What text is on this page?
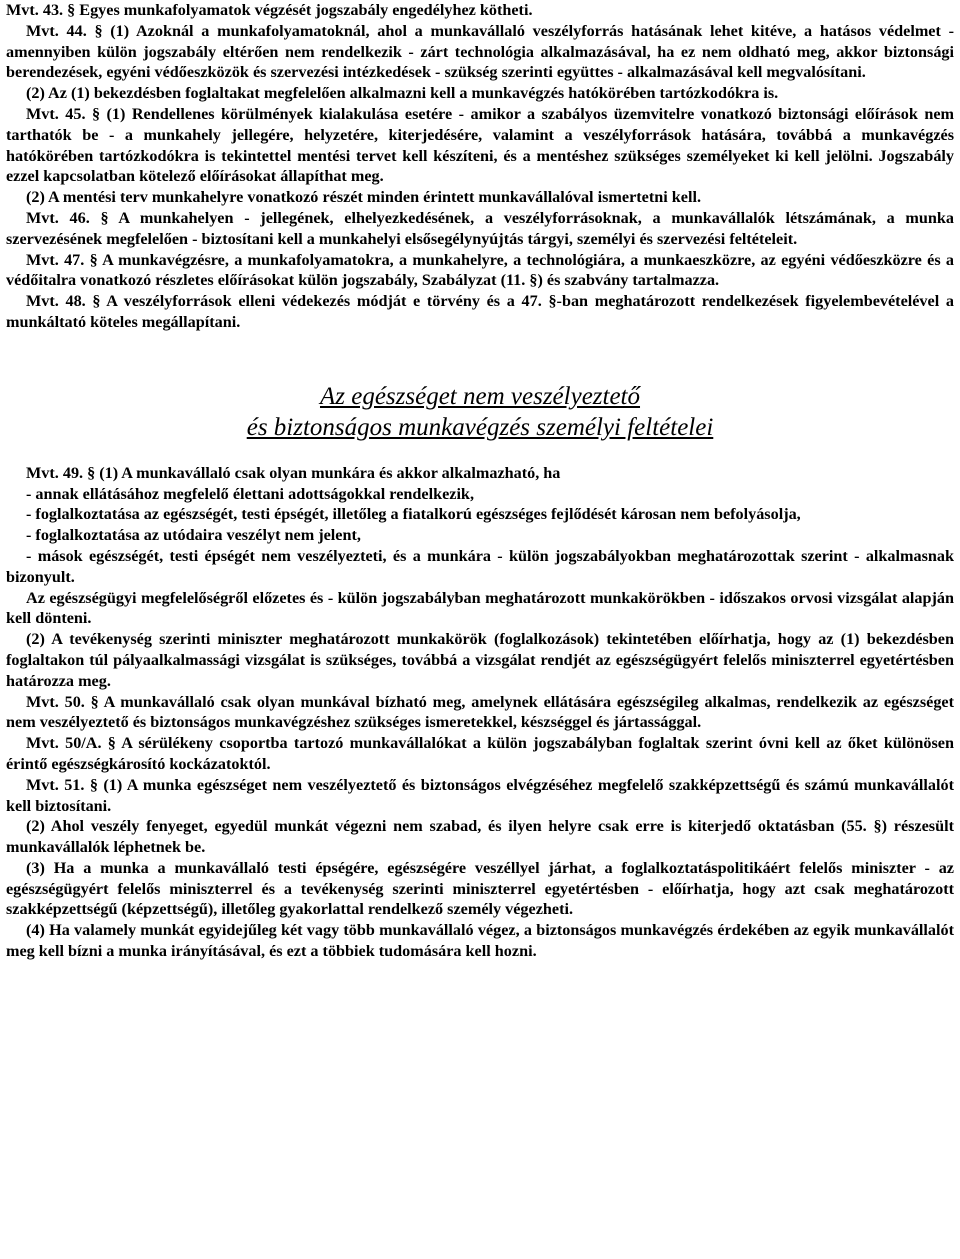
Mvt. 43. § Egyes munkafolyamatok végzését jogszabály engedélyhez kötheti.

Mvt. 44. § (1) Azoknál a munkafolyamatoknál, ahol a munkavállaló veszélyforrás hatásának lehet kitéve, a hatásos védelmet - amennyiben külön jogszabály eltérően nem rendelkezik - zárt technológia alkalmazásával, ha ez nem oldható meg, akkor biztonsági berendezések, egyéni védőeszközök és szervezési intézkedések - szükség szerinti együttes - alkalmazásával kell megvalósítani.

(2) Az (1) bekezdésben foglaltakat megfelelően alkalmazni kell a munkavégzés hatókörében tartózkodókra is.

Mvt. 45. § (1) Rendellenes körülmények kialakulása esetére - amikor a szabályos üzemvitelre vonatkozó biztonsági előírások nem tarthatók be - a munkahely jellegére, helyzetére, kiterjedésére, valamint a veszélyforrások hatására, továbbá a munkavégzés hatókörében tartózkodókra is tekintettel mentési tervet kell készíteni, és a mentéshez szükséges személyeket ki kell jelölni. Jogszabály ezzel kapcsolatban kötelező előírásokat állapíthat meg.

(2) A mentési terv munkahelyre vonatkozó részét minden érintett munkavállalóval ismertetni kell.

Mvt. 46. § A munkahelyen - jellegének, elhelyezkedésének, a veszélyforrásoknak, a munkavállalók létszámának, a munka szervezésének megfelelően - biztosítani kell a munkahelyi elsősegélynyújtás tárgyi, személyi és szervezési feltételeit.

Mvt. 47. § A munkavégzésre, a munkafolyamatokra, a munkahelyre, a technológiára, a munkaeszközre, az egyéni védőeszközre és a védőitalra vonatkozó részletes előírásokat külön jogszabály, Szabályzat (11. §) és szabvány tartalmazza.

Mvt. 48. § A veszélyforrások elleni védekezés módját e törvény és a 47. §-ban meghatározott rendelkezések figyelembevételével a munkáltató köteles megállapítani.

Az egészséget nem veszélyeztető

és biztonságos munkavégzés személyi feltételei

Mvt. 49. § (1) A munkavállaló csak olyan munkára és akkor alkalmazható, ha

- annak ellátásához megfelelő élettani adottságokkal rendelkezik,

- foglalkoztatása az egészségét, testi épségét, illetőleg a fiatalkorú egészséges fejlődését károsan nem befolyásolja,

- foglalkoztatása az utódaira veszélyt nem jelent,

- mások egészségét, testi épségét nem veszélyezteti, és a munkára - külön jogszabályokban meghatározottak szerint - alkalmasnak bizonyult.

Az egészségügyi megfelelőségről előzetes és - külön jogszabályban meghatározott munkakörökben - időszakos orvosi vizsgálat alapján kell dönteni.

(2) A tevékenység szerinti miniszter meghatározott munkakörök (foglalkozások) tekintetében előírhatja, hogy az (1) bekezdésben foglaltakon túl pályaalkalmassági vizsgálat is szükséges, továbbá a vizsgálat rendjét az egészségügyért felelős miniszterrel egyetértésben határozza meg.

Mvt. 50. § A munkavállaló csak olyan munkával bízható meg, amelynek ellátására egészségileg alkalmas, rendelkezik az egészséget nem veszélyeztető és biztonságos munkavégzéshez szükséges ismeretekkel, készséggel és jártassággal.

Mvt. 50/A. § A sérülékeny csoportba tartozó munkavállalókat a külön jogszabályban foglaltak szerint óvni kell az őket különösen érintő egészségkárosító kockázatoktól.

Mvt. 51. § (1) A munka egészséget nem veszélyeztető és biztonságos elvégzéséhez megfelelő szakképzettségű és számú munkavállalót kell biztosítani.

(2) Ahol veszély fenyeget, egyedül munkát végezni nem szabad, és ilyen helyre csak erre is kiterjedő oktatásban (55. §) részesült munkavállalók léphetnek be.

(3) Ha a munka a munkavállaló testi épségére, egészségére veszéllyel járhat, a foglalkoztatáspolitikáért felelős miniszter - az egészségügyért felelős miniszterrel és a tevékenység szerinti miniszterrel egyetértésben - előírhatja, hogy azt csak meghatározott szakképzettségű (képzettségű), illetőleg gyakorlattal rendelkező személy végezheti.

(4) Ha valamely munkát egyidejűleg két vagy több munkavállaló végez, a biztonságos munkavégzés érdekében az egyik munkavállalót meg kell bízni a munka irányításával, és ezt a többiek tudomására kell hozni.
